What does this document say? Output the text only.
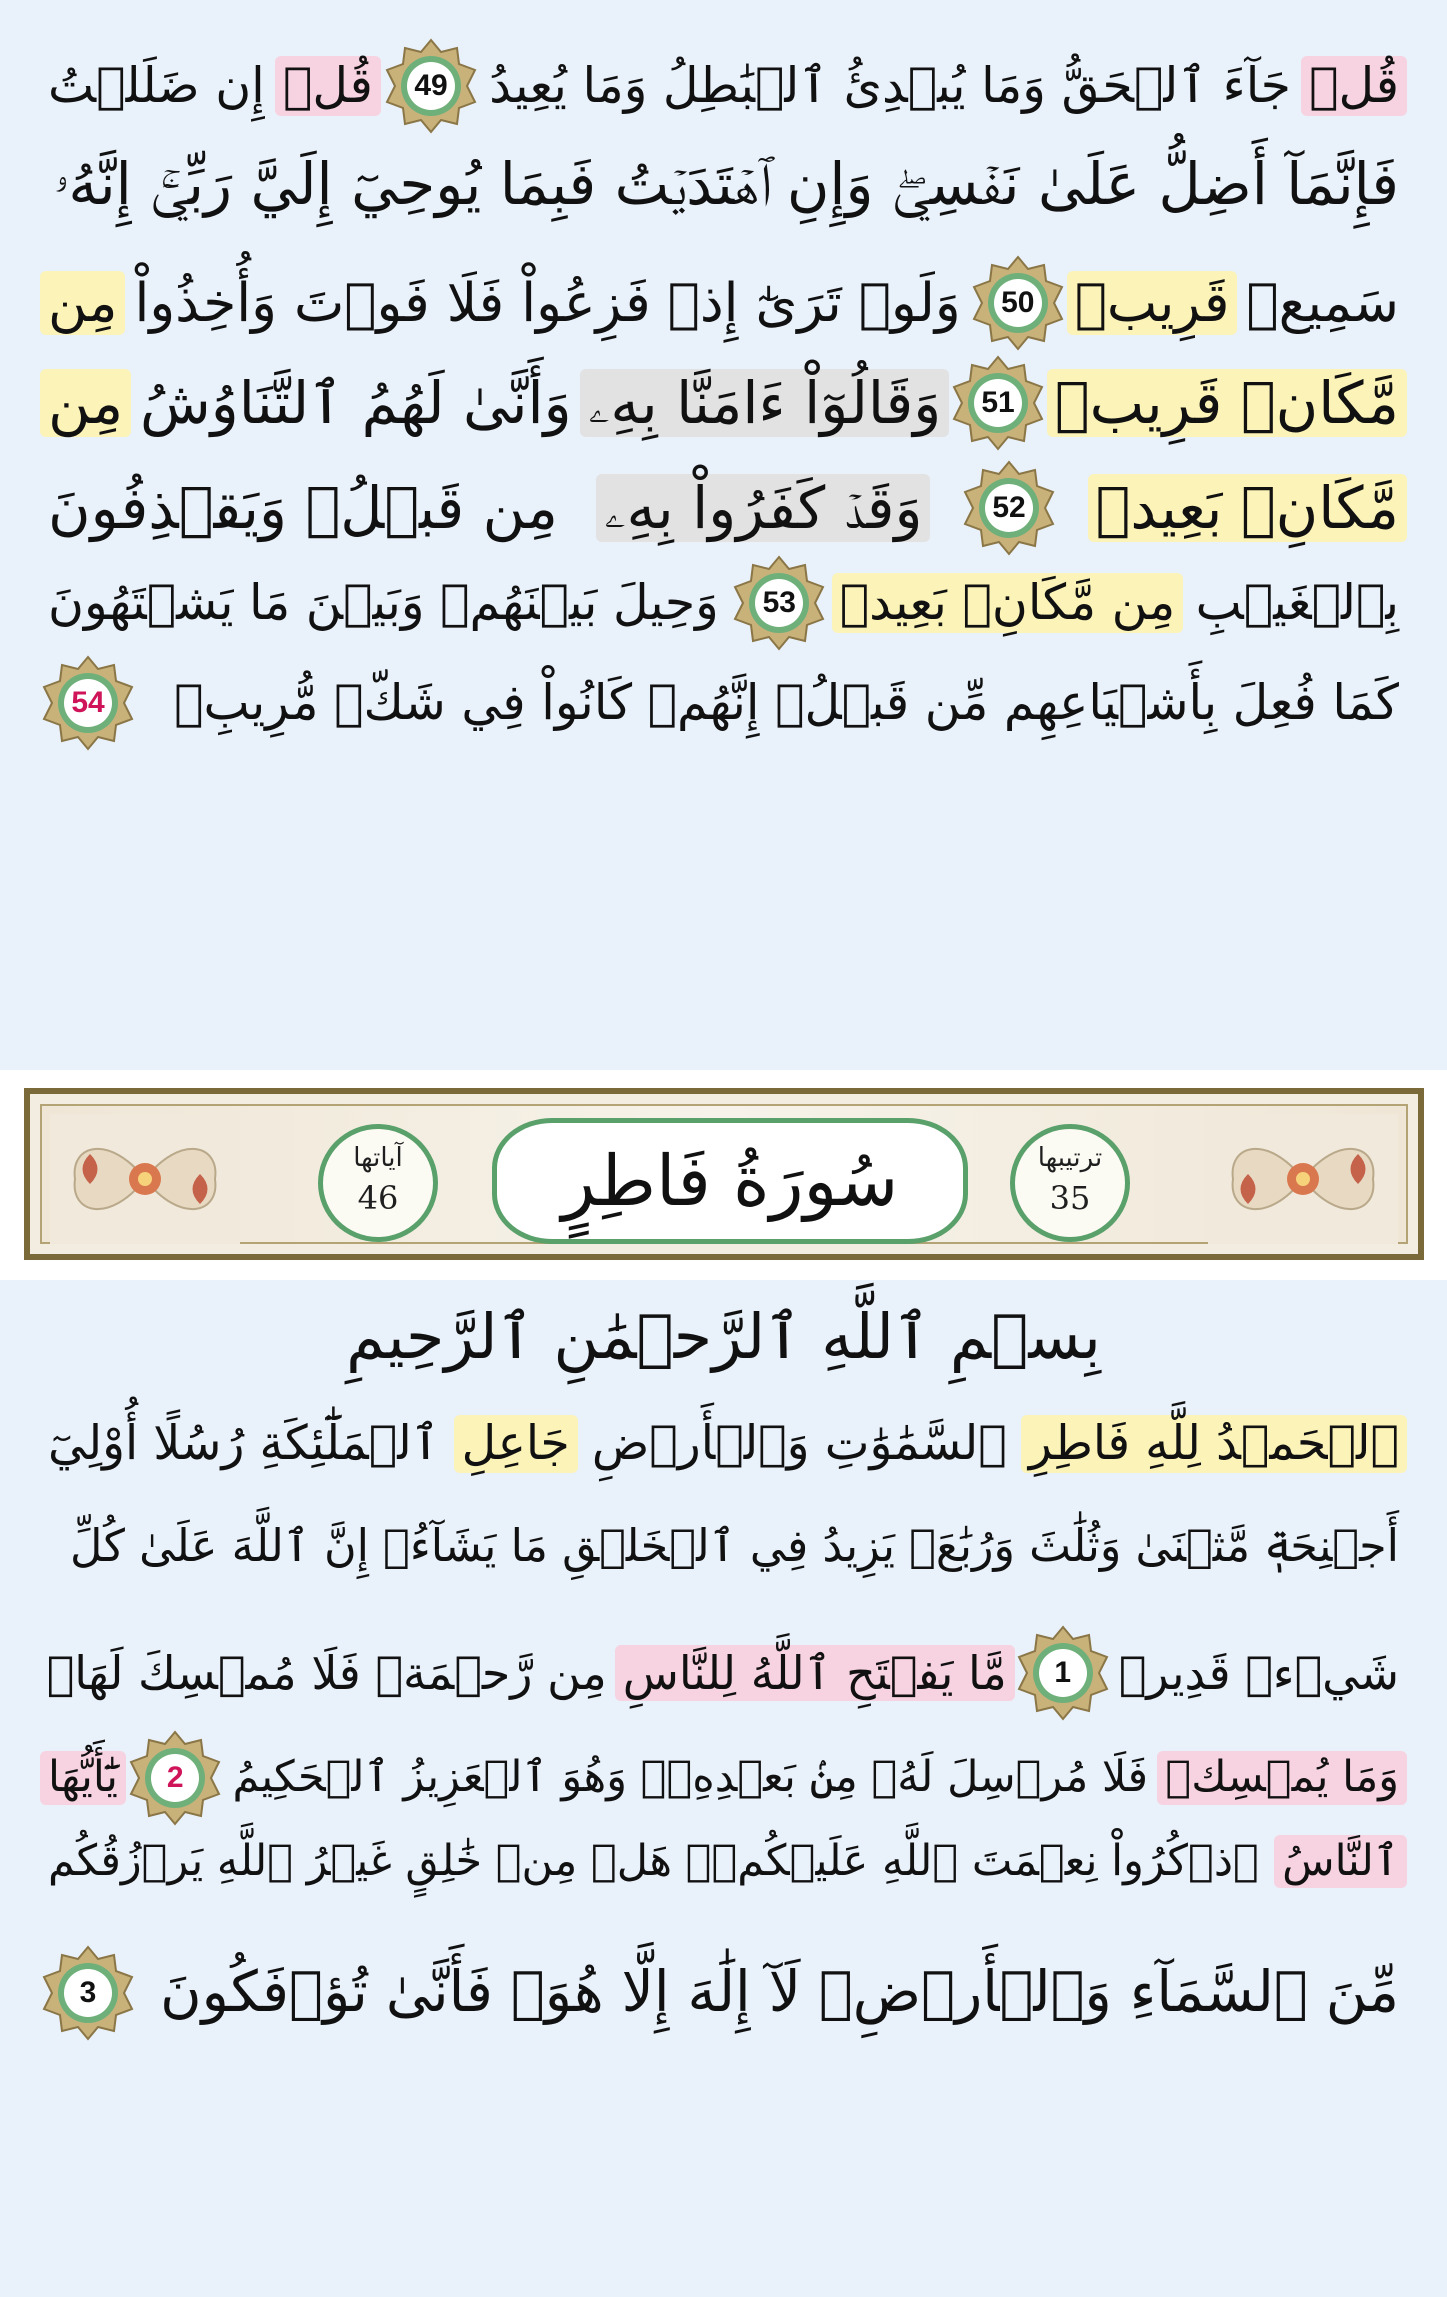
قُلۡ
جَآءَ ٱلۡحَقُّ وَمَا يُبۡدِئُ ٱلۡبَٰطِلُ وَمَا يُعِيدُ
49
قُلۡ
إِن ضَلَلۡتُ
فَإِنَّمَآ أَضِلُّ عَلَىٰ نَفۡسِيۖ وَإِنِ ٱهۡتَدَيۡتُ فَبِمَا يُوحِيٓ إِلَيَّ رَبِّيٓۚ إِنَّهُۥ
سَمِيعٞ
قَرِيبٞ
50
وَلَوۡ تَرَىٰٓ إِذۡ فَزِعُواْ فَلَا فَوۡتَ وَأُخِذُواْ
مِن
مَّكَانٖ قَرِيبٖ
51
وَقَالُوٓاْ ءَامَنَّا بِهِۦ
وَأَنَّىٰ لَهُمُ ٱلتَّنَاوُشُ
مِن
مَّكَانِۭ بَعِيدٖ
52
وَقَدۡ كَفَرُواْ بِهِۦ
مِن قَبۡلُۖ وَيَقۡذِفُونَ
بِٱلۡغَيۡبِ
مِن مَّكَانِۭ بَعِيدٖ
53
وَحِيلَ بَيۡنَهُمۡ وَبَيۡنَ مَا يَشۡتَهُونَ
كَمَا فُعِلَ بِأَشۡيَاعِهِم مِّن قَبۡلُۚ إِنَّهُمۡ كَانُواْ فِي شَكّٖ مُّرِيبِۭ
54
آياتها
46	سُورَةُ فَاطِرٍ	ترتيبها
35
بِسۡمِ ٱللَّهِ ٱلرَّحۡمَٰنِ ٱلرَّحِيمِ
ٱلۡحَمۡدُ لِلَّهِ فَاطِرِ
ٱلسَّمَٰوَٰتِ وَٱلۡأَرۡضِ
جَاعِلِ
ٱلۡمَلَٰٓئِكَةِ رُسُلًا أُوْلِيٓ
أَجۡنِحَةٖ مَّثۡنَىٰ وَثُلَٰثَ وَرُبَٰعَۚ يَزِيدُ فِي ٱلۡخَلۡقِ مَا يَشَآءُۚ إِنَّ ٱللَّهَ عَلَىٰ كُلِّ
شَيۡءٖ قَدِيرٞ
1
مَّا يَفۡتَحِ ٱللَّهُ لِلنَّاسِ
مِن رَّحۡمَةٖ فَلَا مُمۡسِكَ لَهَاۖ
وَمَا يُمۡسِكۡ
فَلَا مُرۡسِلَ لَهُۥ مِنۢ بَعۡدِهِۦۚ وَهُوَ ٱلۡعَزِيزُ ٱلۡحَكِيمُ
2
يَٰٓأَيُّهَا
ٱلنَّاسُ
ٱذۡكُرُواْ نِعۡمَتَ ٱللَّهِ عَلَيۡكُمۡۚ هَلۡ مِنۡ خَٰلِقٍ غَيۡرُ ٱللَّهِ يَرۡزُقُكُم
مِّنَ ٱلسَّمَآءِ وَٱلۡأَرۡضِۚ لَآ إِلَٰهَ إِلَّا هُوَۖ فَأَنَّىٰ تُؤۡفَكُونَ
3
